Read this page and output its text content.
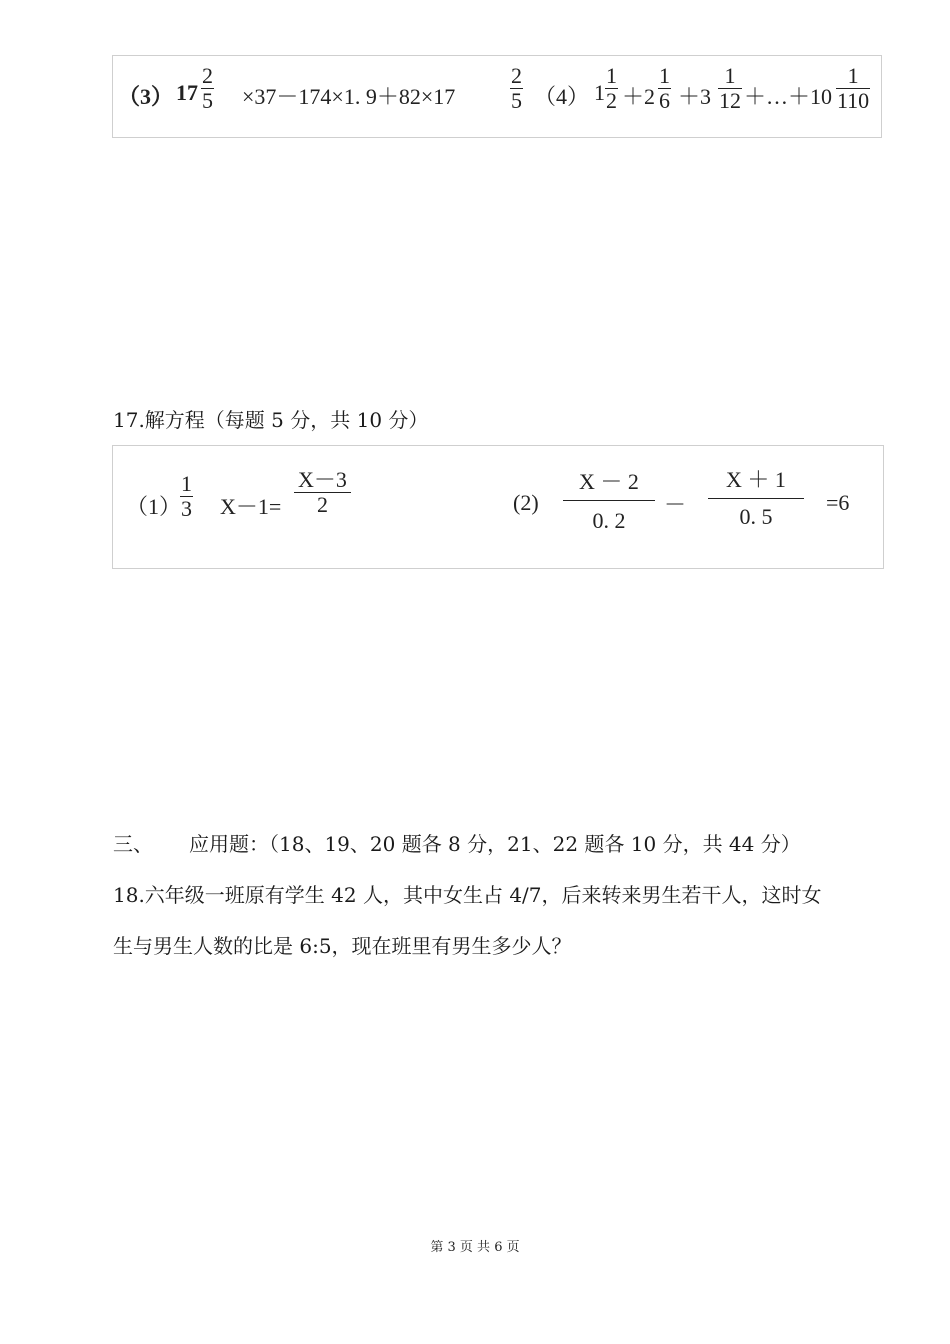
（3） 17
2
5 ×37－174×1. 9＋82×17
2
5 （4） 1
1
2 ＋2
1
6 ＋3
1
12 ＋…＋10
1
110
17.解方程（每题 5 分，共 10 分）
（1）
1
3 X－1=
X－3
2	(2)
X － 2
0. 2
－
X ＋ 1
0. 5
=6
三、 应用题：（18、19、20 题各 8 分，21、22 题各 10 分，共 44 分）
18.六年级一班原有学生 42 人，其中女生占 4/7，后来转来男生若干人，这时女
生与男生人数的比是 6:5，现在班里有男生多少人？
第 3 页 共 6 页
